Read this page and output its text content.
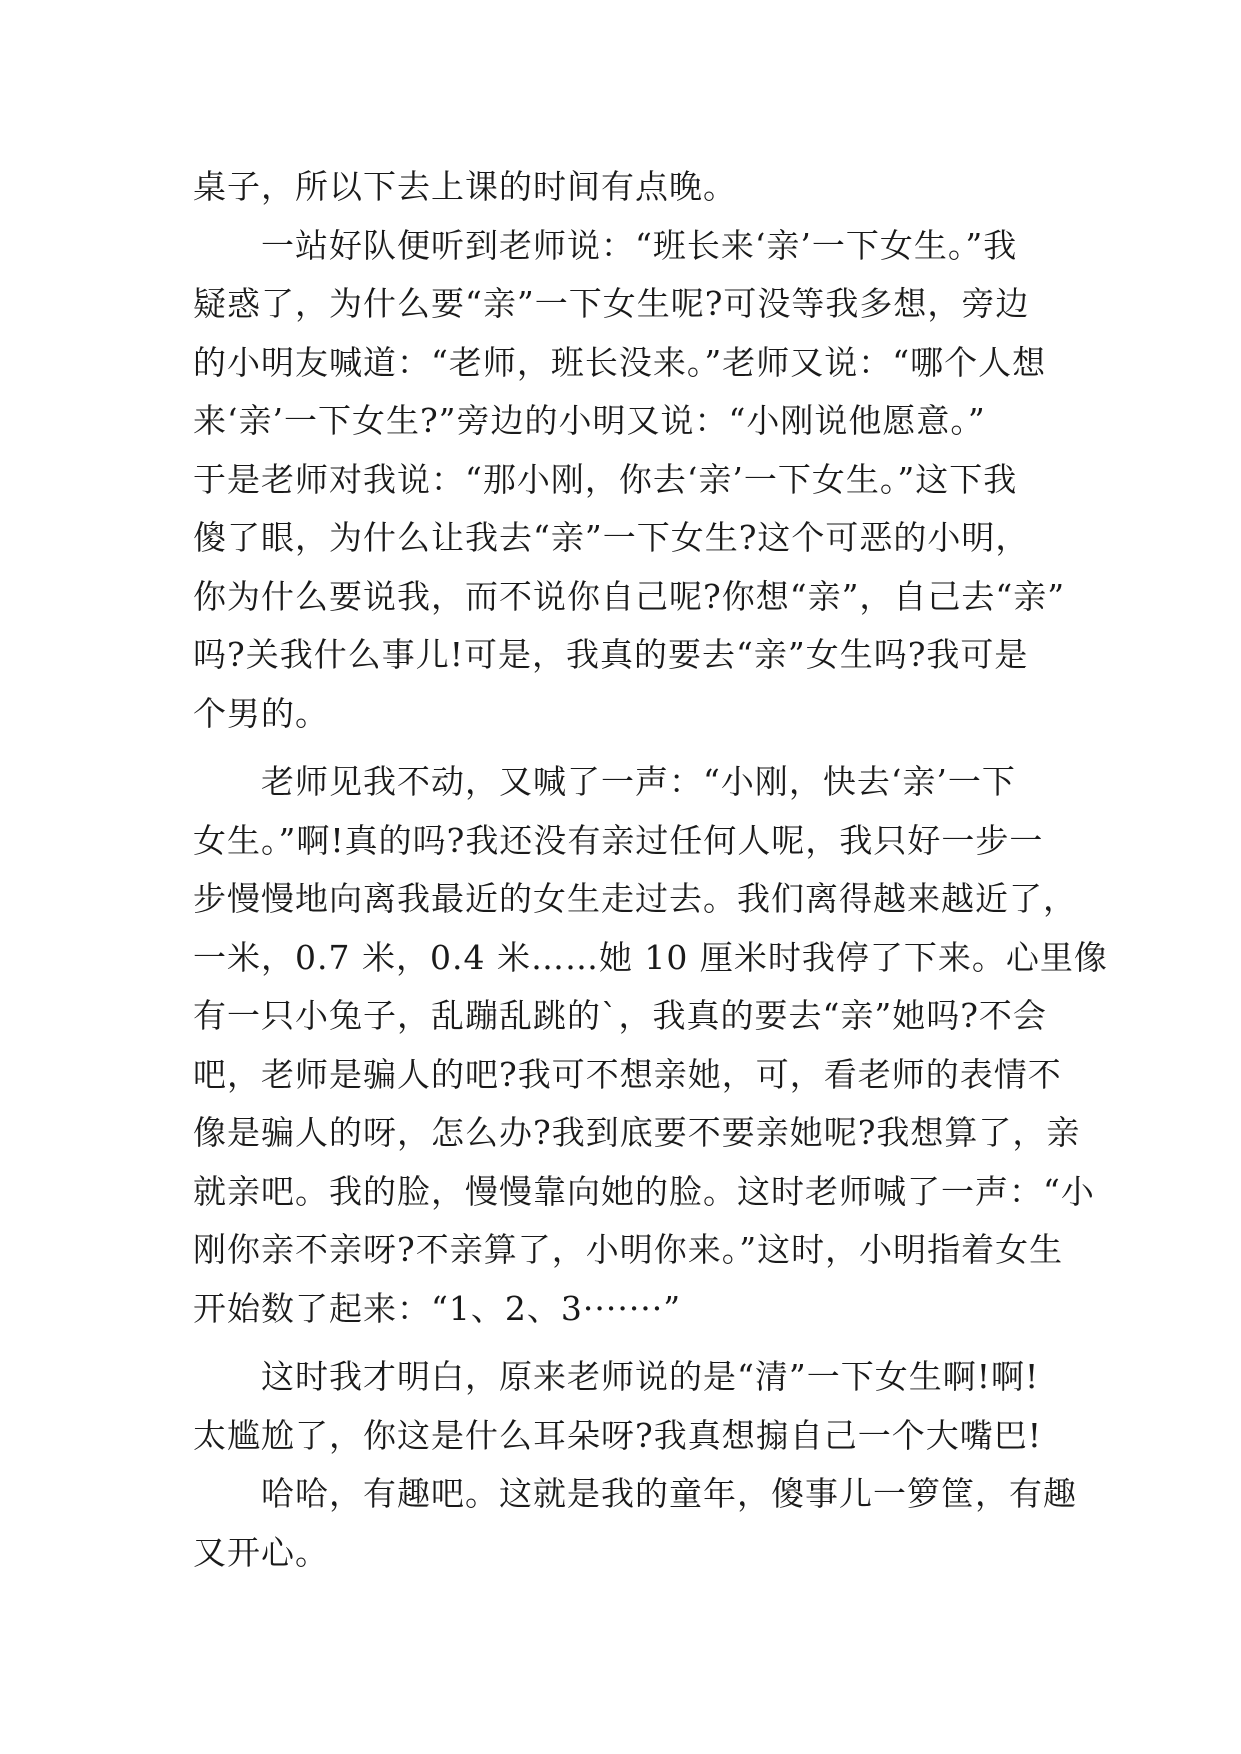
桌子，所以下去上课的时间有点晚。
　　一站好队便听到老师说：“班长来‘亲’一下女生。”我
疑惑了，为什么要“亲”一下女生呢?可没等我多想，旁边
的小明友喊道：“老师，班长没来。”老师又说：“哪个人想
来‘亲’一下女生?”旁边的小明又说：“小刚说他愿意。”
于是老师对我说：“那小刚，你去‘亲’一下女生。”这下我
傻了眼，为什么让我去“亲”一下女生?这个可恶的小明，
你为什么要说我，而不说你自己呢?你想“亲”，自己去“亲”
吗?关我什么事儿!可是，我真的要去“亲”女生吗?我可是
个男的。
　　老师见我不动，又喊了一声：“小刚，快去‘亲’一下
女生。”啊!真的吗?我还没有亲过任何人呢，我只好一步一
步慢慢地向离我最近的女生走过去。我们离得越来越近了，
一米，0.7 米，0.4 米……她 10 厘米时我停了下来。心里像
有一只小兔子，乱蹦乱跳的`，我真的要去“亲”她吗?不会
吧，老师是骗人的吧?我可不想亲她，可，看老师的表情不
像是骗人的呀，怎么办?我到底要不要亲她呢?我想算了，亲
就亲吧。我的脸，慢慢靠向她的脸。这时老师喊了一声：“小
刚你亲不亲呀?不亲算了，小明你来。”这时，小明指着女生
开始数了起来：“1、2、3·······”
　　这时我才明白，原来老师说的是“清”一下女生啊!啊!
太尴尬了，你这是什么耳朵呀?我真想搧自己一个大嘴巴!
　　哈哈，有趣吧。这就是我的童年，傻事儿一箩筐，有趣
又开心。
